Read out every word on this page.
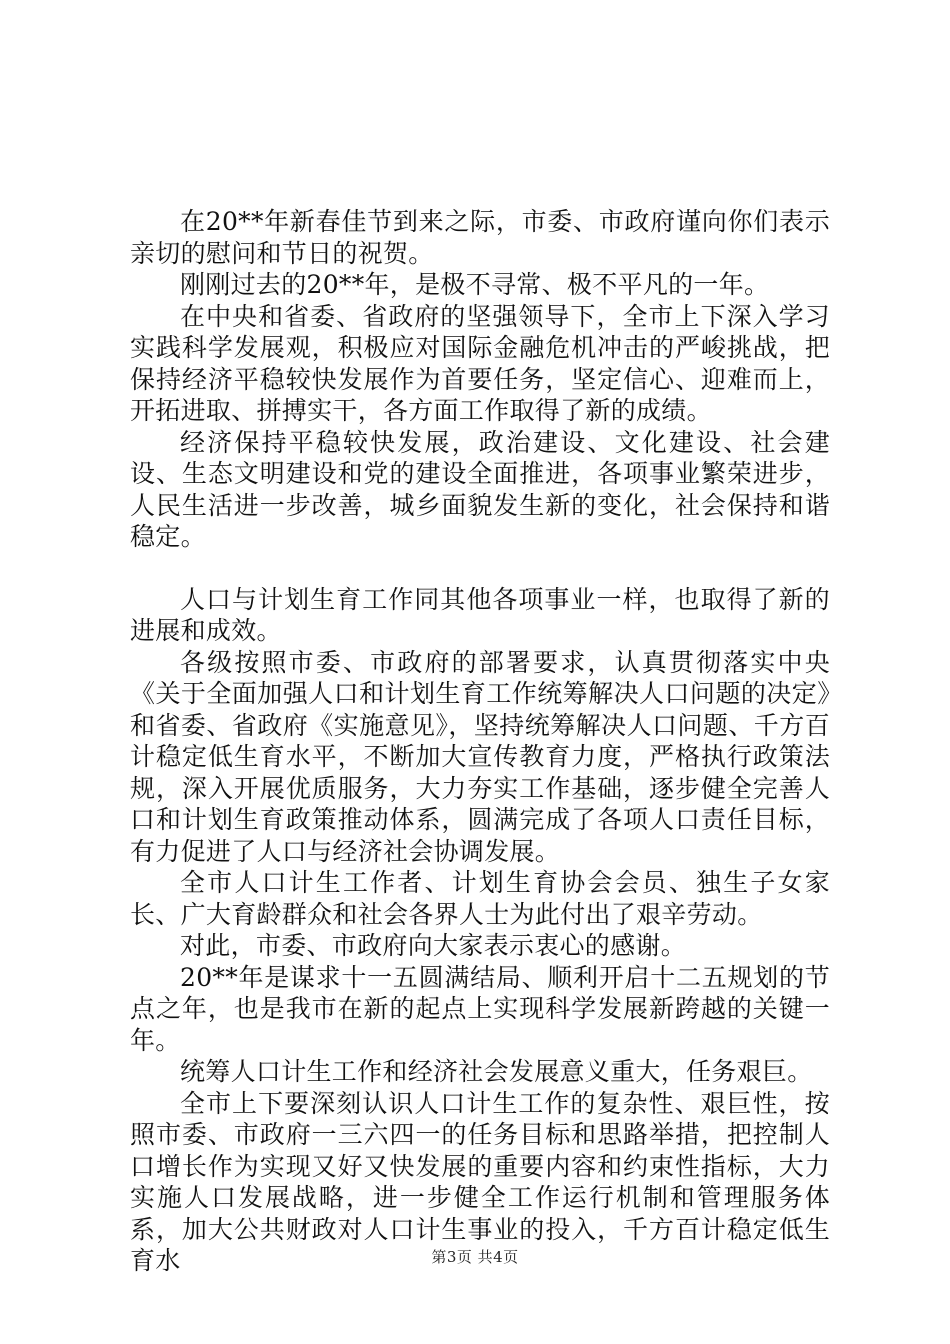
在20**年新春佳节到来之际，市委、市政府谨向你们表示亲切的慰问和节日的祝贺。

刚刚过去的20**年，是极不寻常、极不平凡的一年。

在中央和省委、省政府的坚强领导下，全市上下深入学习实践科学发展观，积极应对国际金融危机冲击的严峻挑战，把保持经济平稳较快发展作为首要任务，坚定信心、迎难而上，开拓进取、拼搏实干，各方面工作取得了新的成绩。

经济保持平稳较快发展，政治建设、文化建设、社会建设、生态文明建设和党的建设全面推进，各项事业繁荣进步，人民生活进一步改善，城乡面貌发生新的变化，社会保持和谐稳定。

人口与计划生育工作同其他各项事业一样，也取得了新的进展和成效。

各级按照市委、市政府的部署要求，认真贯彻落实中央《关于全面加强人口和计划生育工作统筹解决人口问题的决定》和省委、省政府《实施意见》，坚持统筹解决人口问题、千方百计稳定低生育水平，不断加大宣传教育力度，严格执行政策法规，深入开展优质服务，大力夯实工作基础，逐步健全完善人口和计划生育政策推动体系，圆满完成了各项人口责任目标，有力促进了人口与经济社会协调发展。

全市人口计生工作者、计划生育协会会员、独生子女家长、广大育龄群众和社会各界人士为此付出了艰辛劳动。

对此，市委、市政府向大家表示衷心的感谢。

20**年是谋求十一五圆满结局、顺利开启十二五规划的节点之年，也是我市在新的起点上实现科学发展新跨越的关键一年。

统筹人口计生工作和经济社会发展意义重大，任务艰巨。

全市上下要深刻认识人口计生工作的复杂性、艰巨性，按照市委、市政府一三六四一的任务目标和思路举措，把控制人口增长作为实现又好又快发展的重要内容和约束性指标，大力实施人口发展战略，进一步健全工作运行机制和管理服务体系，加大公共财政对人口计生事业的投入，千方百计稳定低生育水	第3页 共4页
